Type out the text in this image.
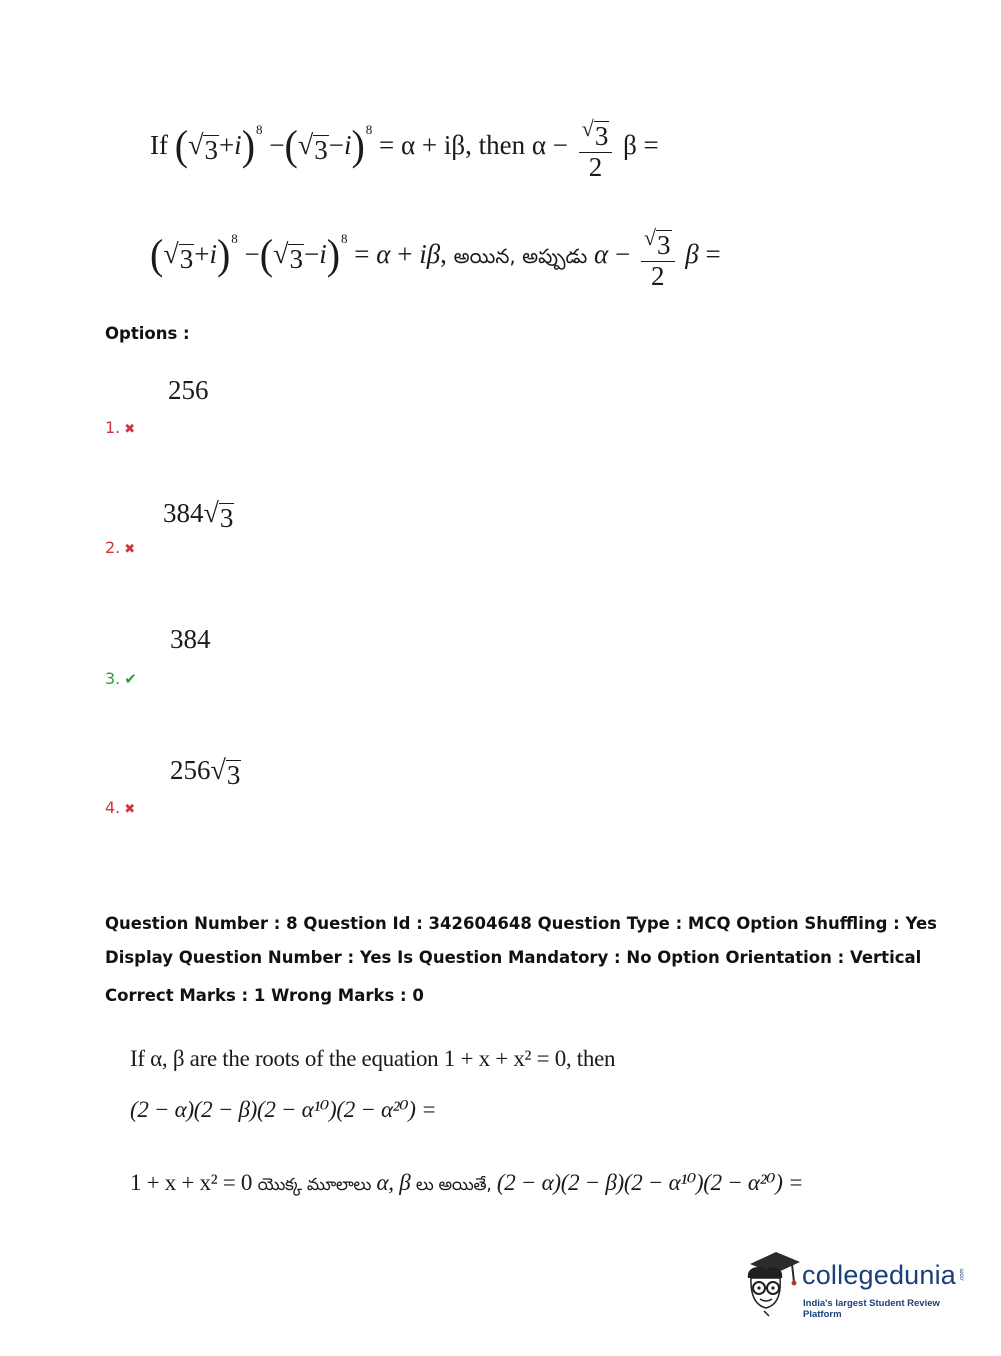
If ( √ 3 +i)$^8$ −( √ 3 −i)$^8$ = α + iβ, then $\alpha - \frac{√ 3}{2}$ β =
( √ 3 +i)$^8$ −( √ 3 −i)$^8$ = α + iβ, అయిన, అప్పుడు $\alpha - \frac{√ 3}{2}$ β =
Options :
256
1. ✖
384 √ 3
2. ✖
384
3. ✔
256 √ 3
4. ✖
Question Number : 8 Question Id : 342604648 Question Type : MCQ Option Shuffling : Yes
Display Question Number : Yes Is Question Mandatory : No Option Orientation : Vertical
Correct Marks : 1 Wrong Marks : 0
If α, β are the roots of the equation 1 + x + x² = 0, then
(2 − α)(2 − β)(2 − α¹⁰)(2 − α²⁰) =
1 + x + x² = 0 యొక్క మూలాలు α, β లు అయితే, (2 − α)(2 − β)(2 − α¹⁰)(2 − α²⁰) =
collegedunia .com
India's largest Student Review Platform
